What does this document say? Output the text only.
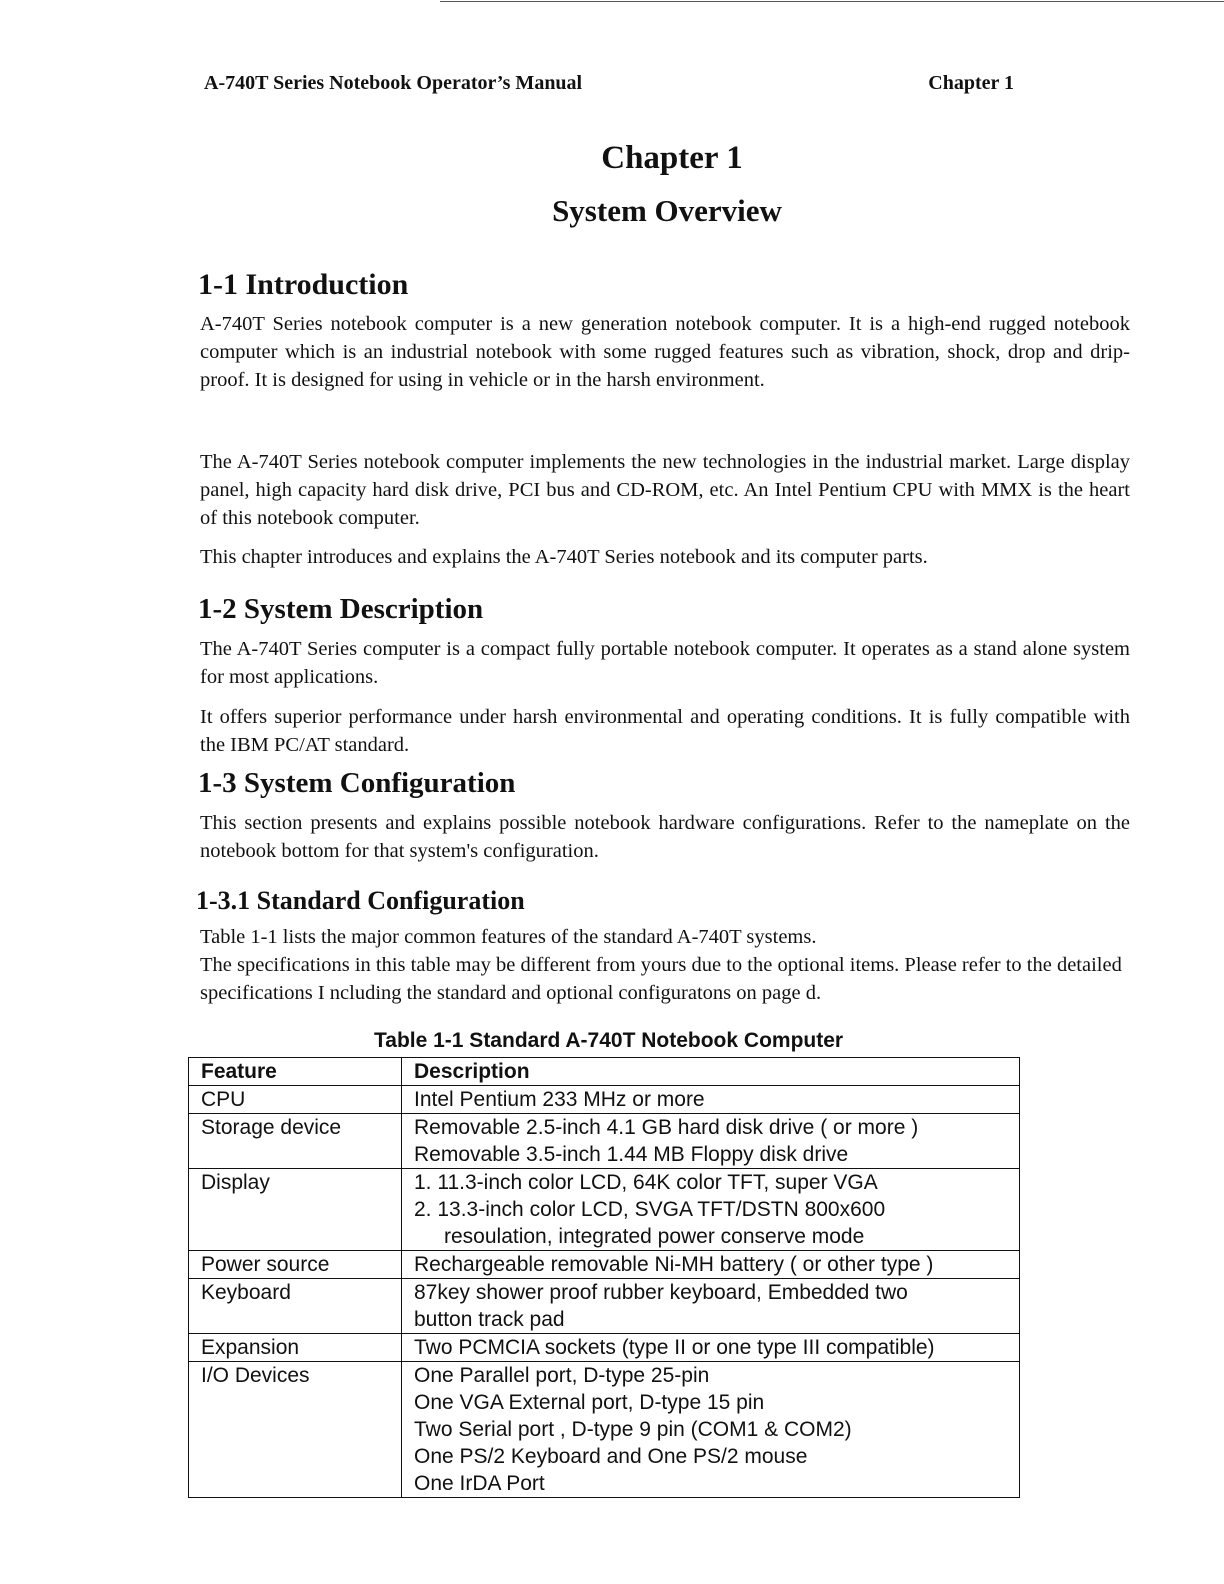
A-740T Series Notebook Operator’s Manual	Chapter 1
Chapter 1
System Overview
1-1 Introduction

A-740T Series notebook computer is a new generation notebook computer. It is a high-end rugged notebook computer which is an industrial notebook with some rugged features such as vibration, shock, drop and drip-proof. It is designed for using in vehicle or in the harsh environment.

The A-740T Series notebook computer implements the new technologies in the industrial market. Large display panel, high capacity hard disk drive, PCI bus and CD-ROM, etc. An Intel Pentium CPU with MMX is the heart of this notebook computer.

This chapter introduces and explains the A-740T Series notebook and its computer parts.

1-2 System Description

The A-740T Series computer is a compact fully portable notebook computer. It operates as a stand alone system for most applications.

It offers superior performance under harsh environmental and operating conditions. It is fully compatible with the IBM PC/AT standard.

1-3 System Configuration

This section presents and explains possible notebook hardware configurations. Refer to the nameplate on the notebook bottom for that system's configuration.

1-3.1 Standard Configuration

Table 1-1 lists the major common features of the standard A-740T systems.

The specifications in this table may be different from yours due to the optional items. Please refer to the detailed specifications I ncluding the standard and optional configuratons on page d.

Table 1-1 Standard A-740T Notebook Computer
Feature	Description
CPU	Intel Pentium 233 MHz or more

Storage device	Removable 2.5-inch 4.1 GB hard disk drive ( or more )
Removable 3.5-inch 1.44 MB Floppy disk drive

Display	1. 11.3-inch color LCD, 64K color TFT, super VGA
2. 13.3-inch color LCD, SVGA TFT/DSTN 800x600
resoulation, integrated power conserve mode

Power source	Rechargeable removable Ni-MH battery ( or other type )

Keyboard	87key shower proof rubber keyboard, Embedded two
button track pad

Expansion	Two PCMCIA sockets (type II or one type III compatible)

I/O Devices	One Parallel port, D-type 25-pin
One VGA External port, D-type 15 pin
Two Serial port , D-type 9 pin (COM1 & COM2)
One PS/2 Keyboard and One PS/2 mouse
One IrDA Port
